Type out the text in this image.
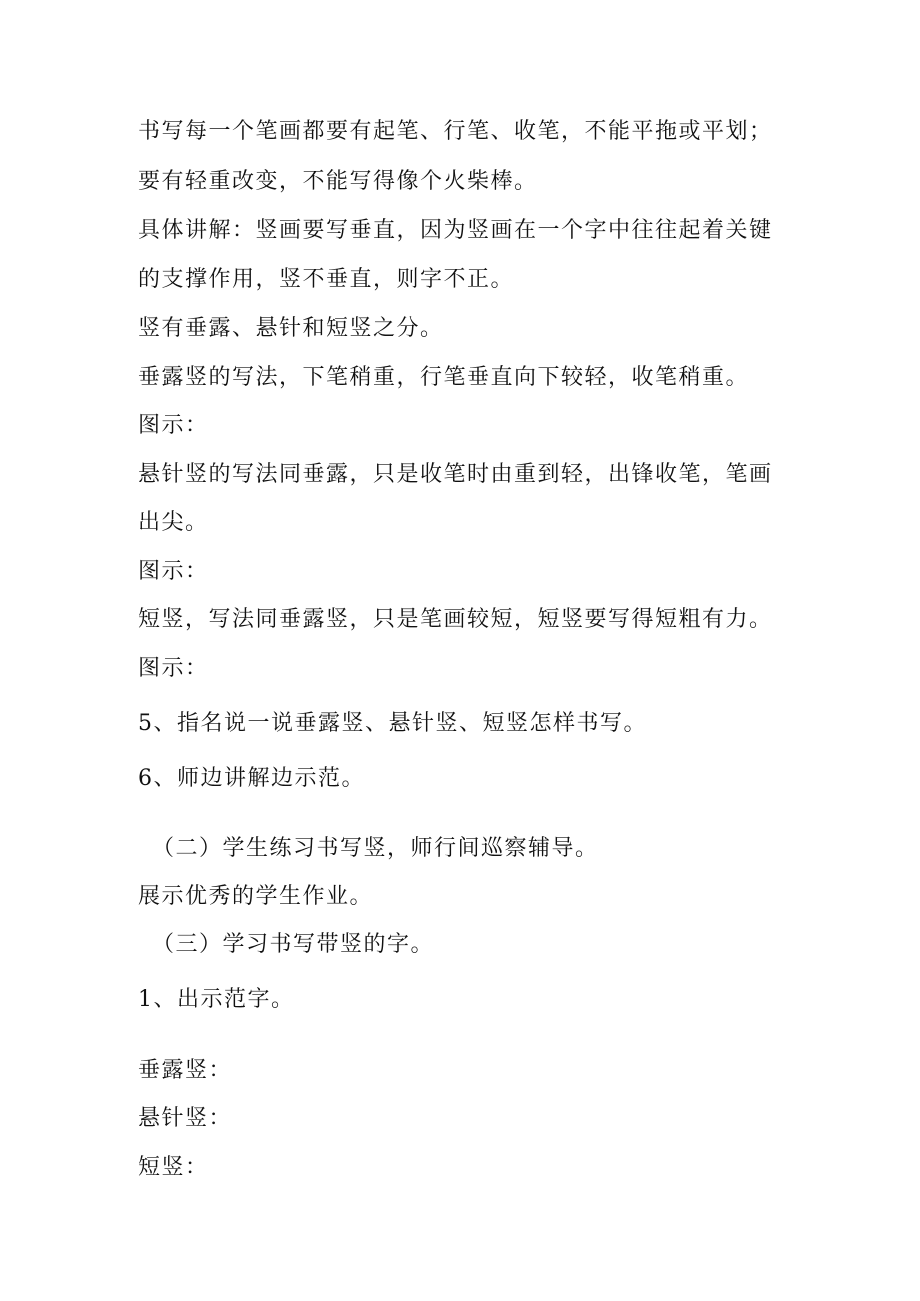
书写每一个笔画都要有起笔、行笔、收笔，不能平拖或平划；
要有轻重改变，不能写得像个火柴棒。
具体讲解：竖画要写垂直，因为竖画在一个字中往往起着关键
的支撑作用，竖不垂直，则字不正。
竖有垂露、悬针和短竖之分。
垂露竖的写法，下笔稍重，行笔垂直向下较轻，收笔稍重。
图示：
悬针竖的写法同垂露，只是收笔时由重到轻，出锋收笔，笔画
出尖。
图示：
短竖，写法同垂露竖，只是笔画较短，短竖要写得短粗有力。
图示：
5、指名说一说垂露竖、悬针竖、短竖怎样书写。
6、师边讲解边示范。
（二）学生练习书写竖，师行间巡察辅导。
展示优秀的学生作业。
（三）学习书写带竖的字。
1、出示范字。
垂露竖：
悬针竖：
短竖：
